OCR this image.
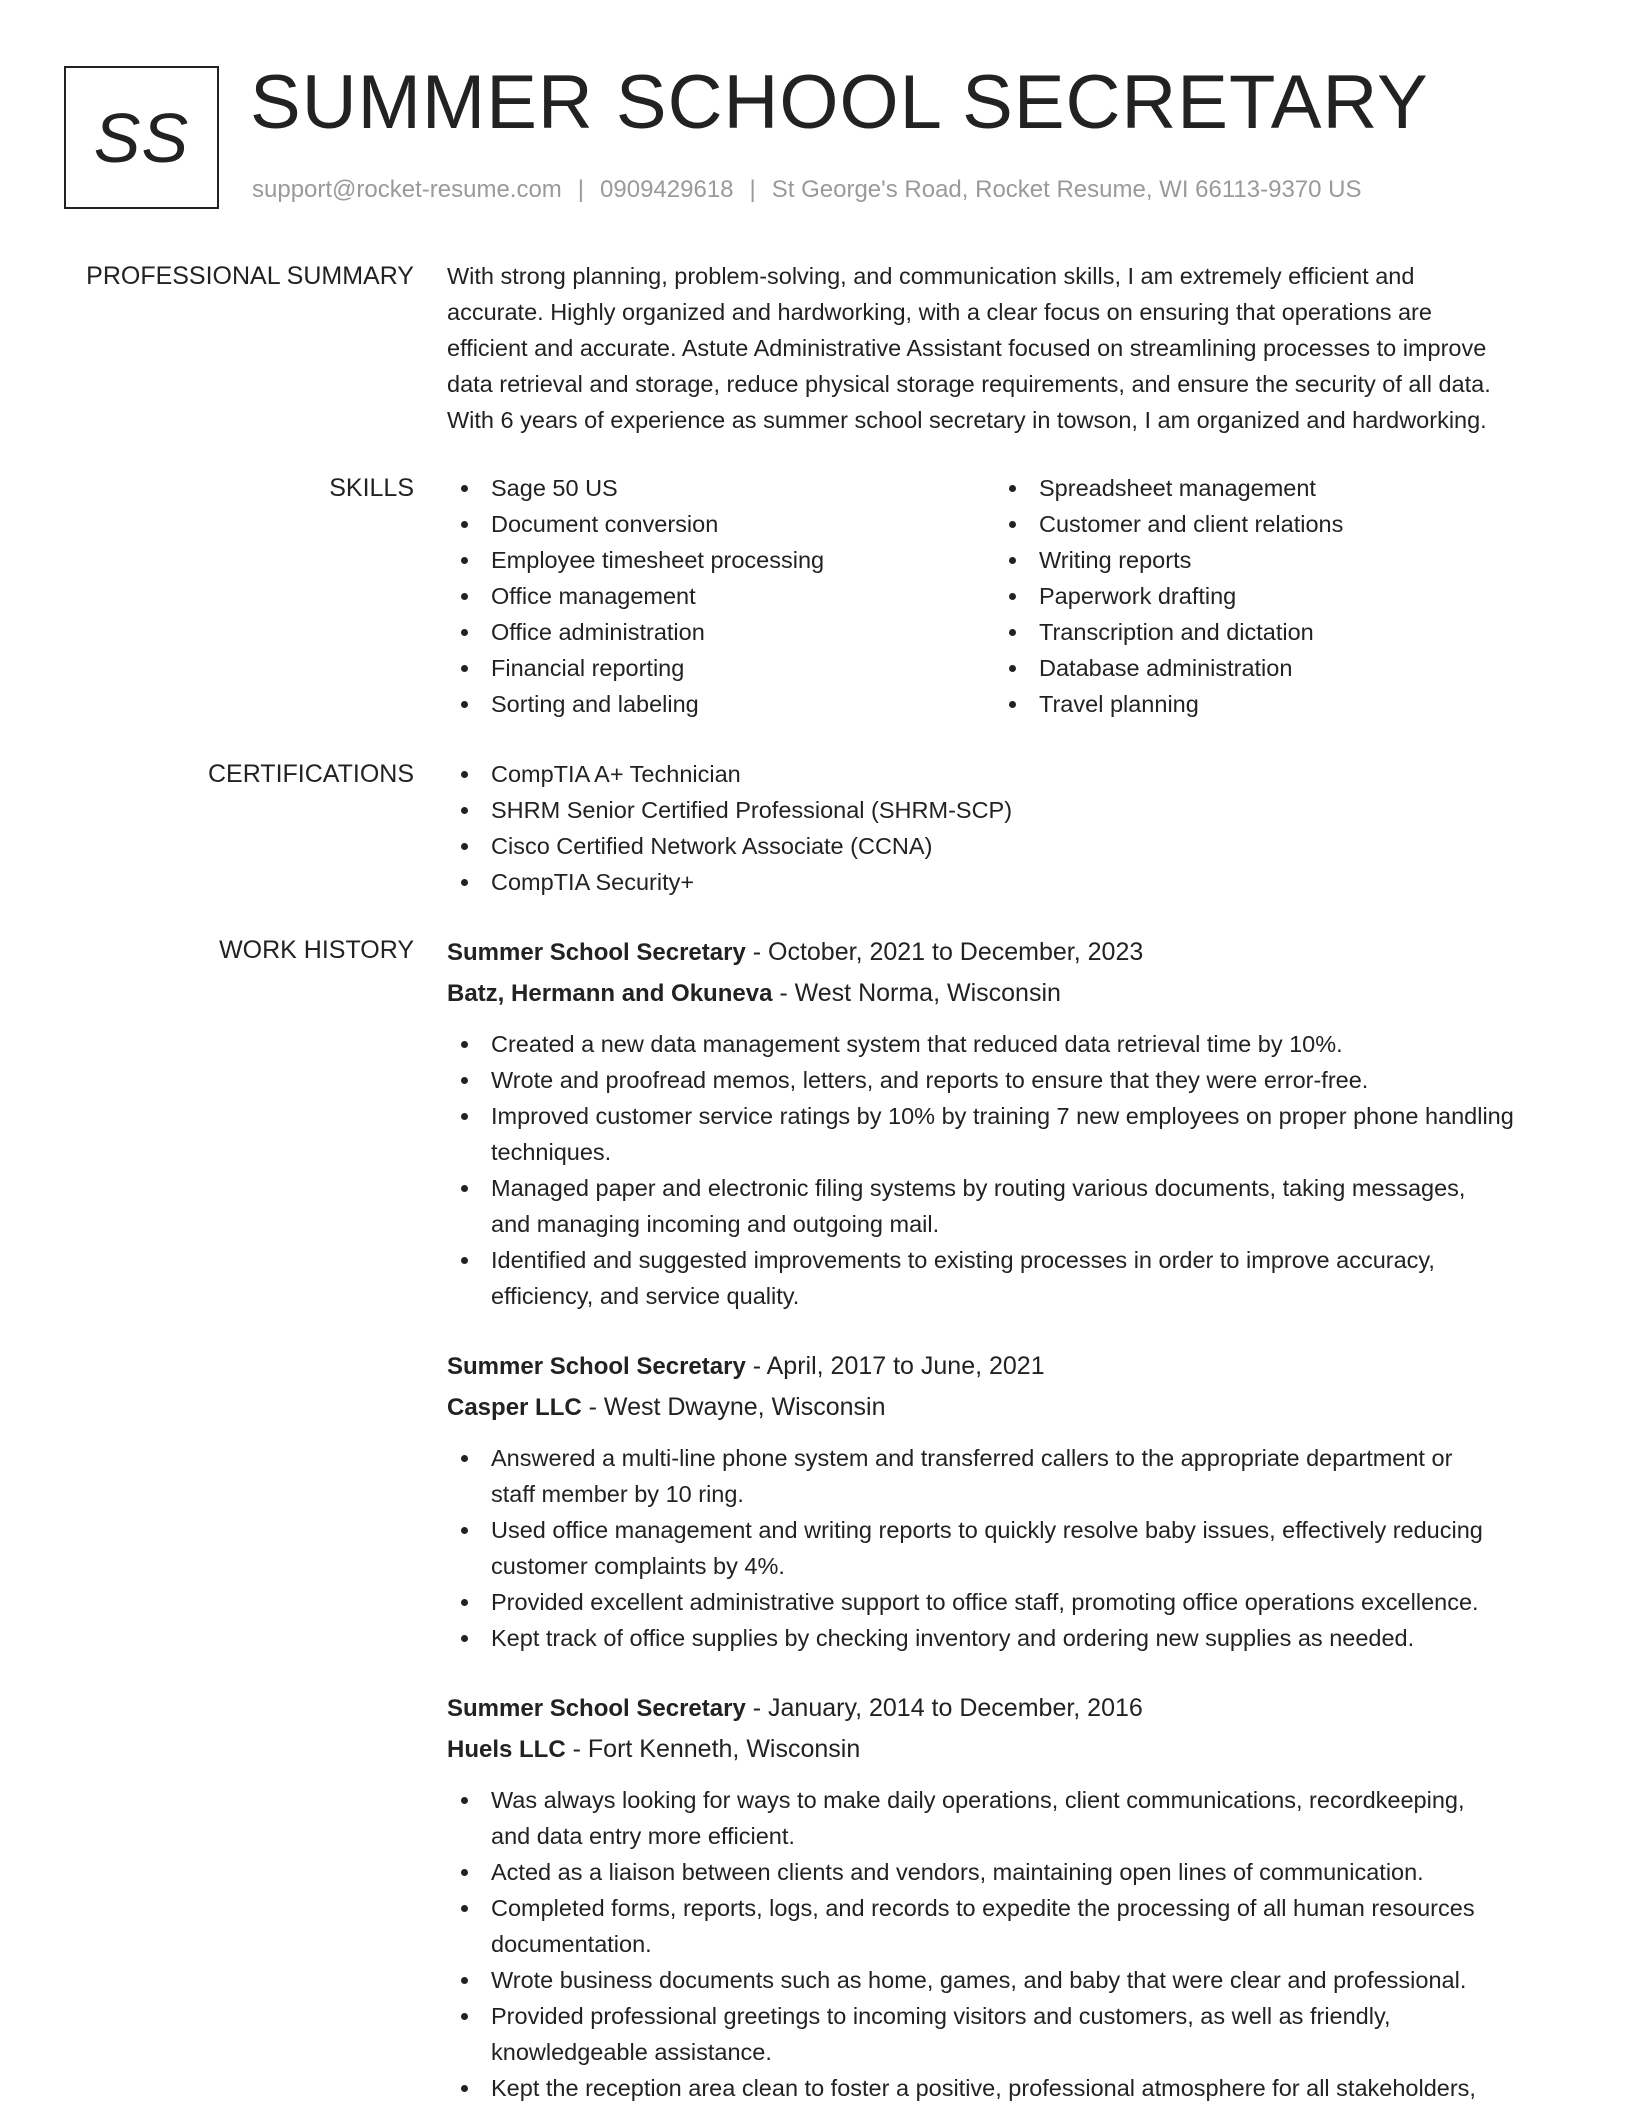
SS SUMMER SCHOOL SECRETARY
support@rocket-resume.com | 0909429618 | St George's Road, Rocket Resume, WI 66113-9370 US
PROFESSIONAL SUMMARY With strong planning, problem-solving, and communication skills, I am extremely efficient and
accurate. Highly organized and hardworking, with a clear focus on ensuring that operations are
efficient and accurate. Astute Administrative Assistant focused on streamlining processes to improve
data retrieval and storage, reduce physical storage requirements, and ensure the security of all data.
With 6 years of experience as summer school secretary in towson, I am organized and hardworking.
SKILLS	Sage 50 US
Document conversion
Employee timesheet processing
Office management
Office administration
Financial reporting
Sorting and labeling
Spreadsheet management
Customer and client relations
Writing reports
Paperwork drafting
Transcription and dictation
Database administration
Travel planning
CERTIFICATIONS	CompTIA A+ Technician
SHRM Senior Certified Professional (SHRM-SCP)
Cisco Certified Network Associate (CCNA)
CompTIA Security+
WORK HISTORY Summer School Secretary - October, 2021 to December, 2023
Batz, Hermann and Okuneva - West Norma, Wisconsin
Created a new data management system that reduced data retrieval time by 10%.
Wrote and proofread memos, letters, and reports to ensure that they were error-free.
Improved customer service ratings by 10% by training 7 new employees on proper phone handling
techniques.
Managed paper and electronic filing systems by routing various documents, taking messages,
and managing incoming and outgoing mail.
Identified and suggested improvements to existing processes in order to improve accuracy,
efficiency, and service quality.
Summer School Secretary - April, 2017 to June, 2021
Casper LLC - West Dwayne, Wisconsin
Answered a multi-line phone system and transferred callers to the appropriate department or
staff member by 10 ring.
Used office management and writing reports to quickly resolve baby issues, effectively reducing
customer complaints by 4%.
Provided excellent administrative support to office staff, promoting office operations excellence.
Kept track of office supplies by checking inventory and ordering new supplies as needed.
Summer School Secretary - January, 2014 to December, 2016
Huels LLC - Fort Kenneth, Wisconsin
Was always looking for ways to make daily operations, client communications, recordkeeping,
and data entry more efficient.
Acted as a liaison between clients and vendors, maintaining open lines of communication.
Completed forms, reports, logs, and records to expedite the processing of all human resources
documentation.
Wrote business documents such as home, games, and baby that were clear and professional.
Provided professional greetings to incoming visitors and customers, as well as friendly,
knowledgeable assistance.
Kept the reception area clean to foster a positive, professional atmosphere for all stakeholders,
